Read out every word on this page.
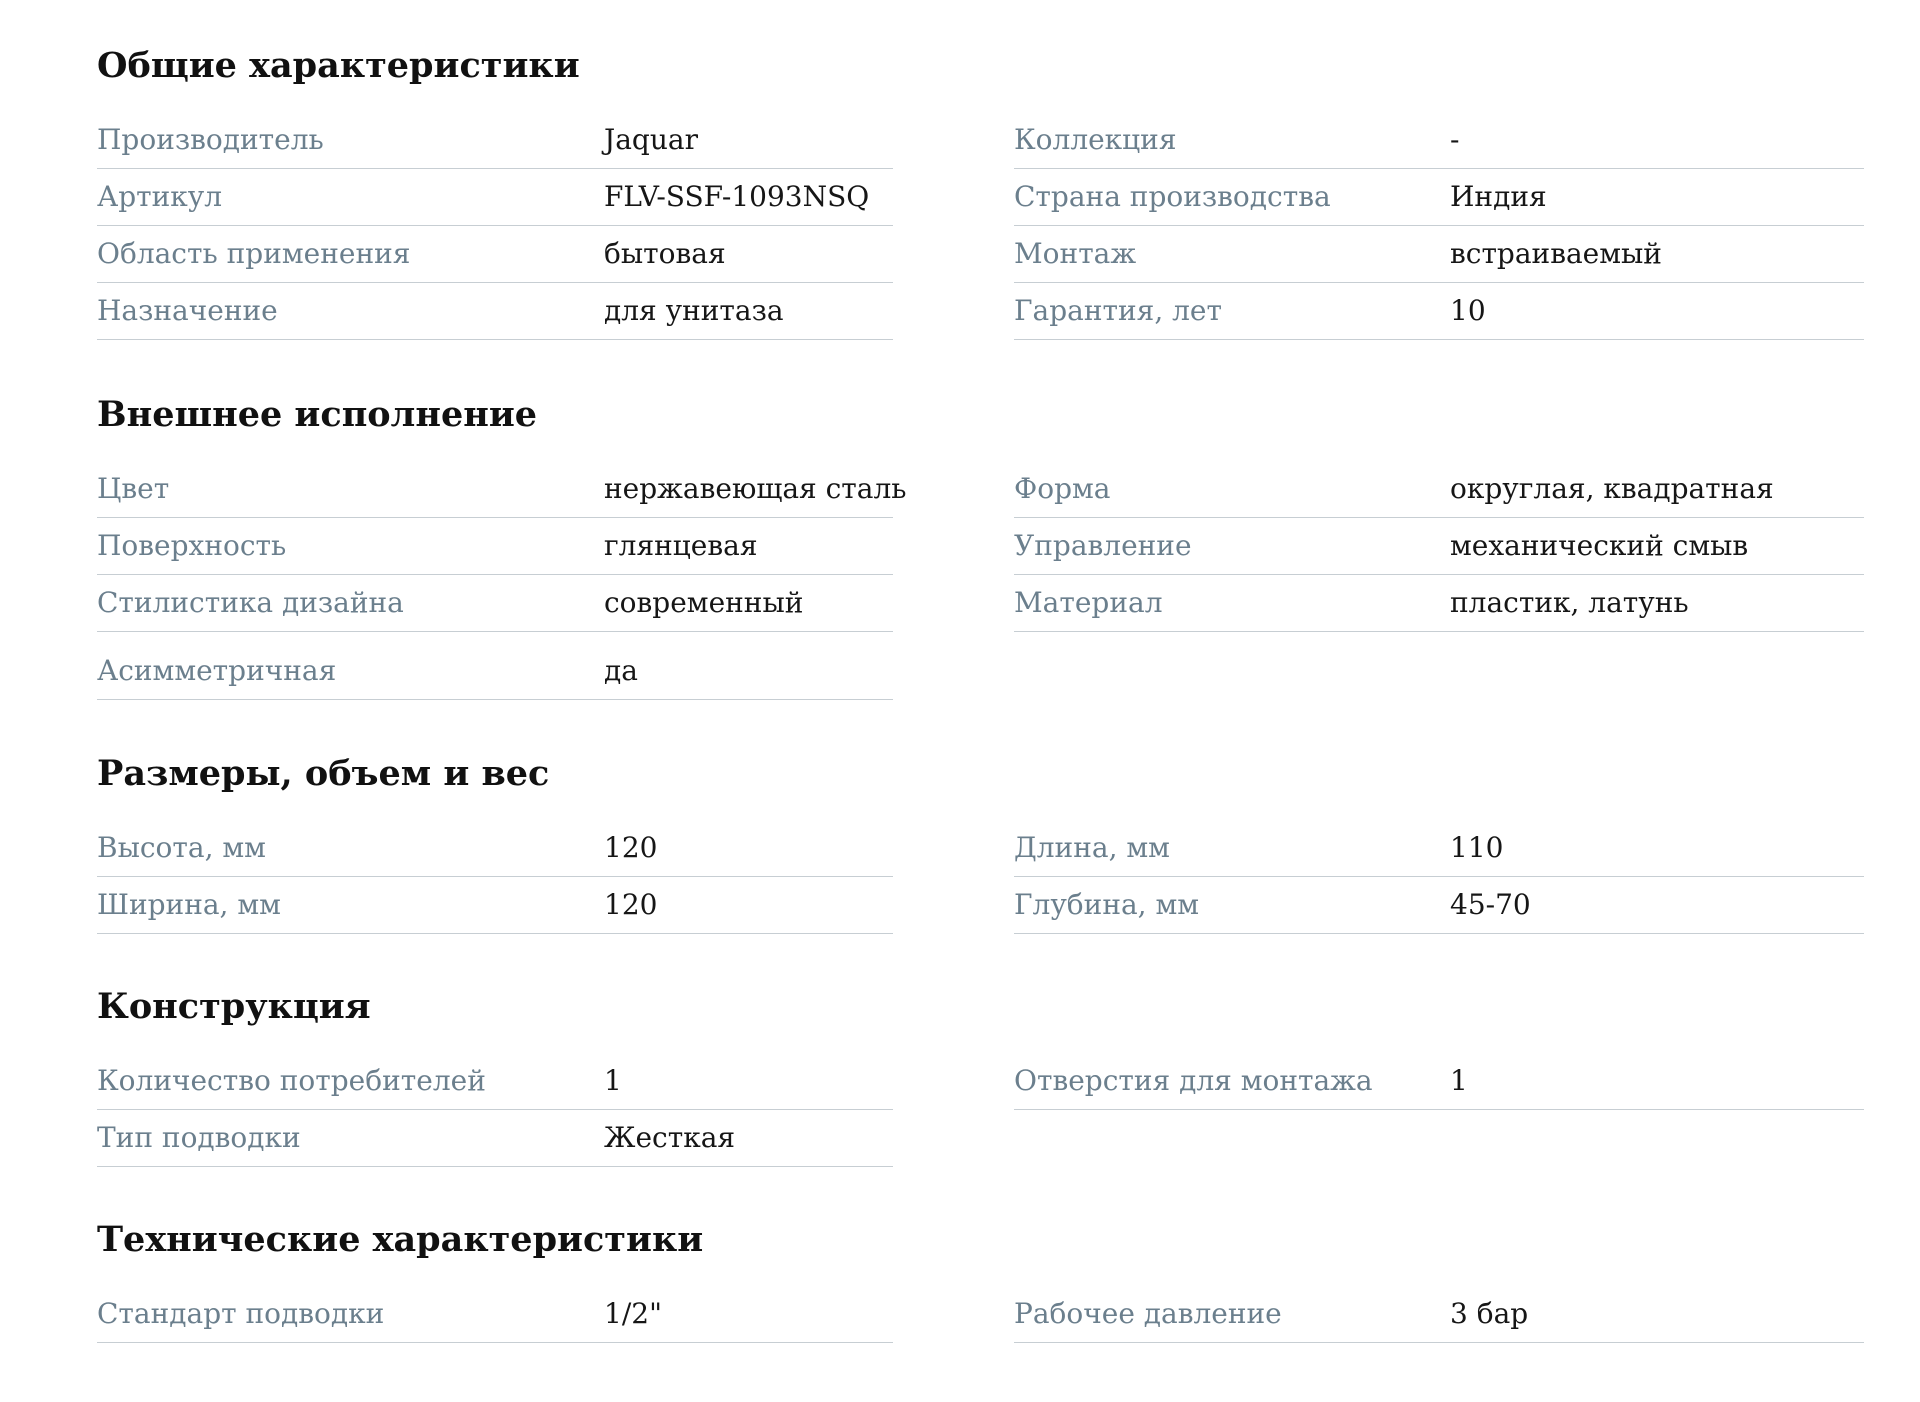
Общие характеристики
Производитель	Jaquar
Артикул	FLV-SSF-1093NSQ
Область применения	бытовая
Назначение	для унитаза
Коллекция	-
Страна производства	Индия
Монтаж	встраиваемый
Гарантия, лет	10
Внешнее исполнение
Цвет	нержавеющая сталь
Поверхность	глянцевая
Стилистика дизайна	современный
Асимметричная	да
Форма	округлая, квадратная
Управление	механический смыв
Материал	пластик, латунь
Размеры, объем и вес
Высота, мм	120
Ширина, мм	120
Длина, мм	110
Глубина, мм	45-70
Конструкция
Количество потребителей	1
Тип подводки	Жесткая
Отверстия для монтажа	1
Технические характеристики
Стандарт подводки	1/2"	Рабочее давление	3 бар
